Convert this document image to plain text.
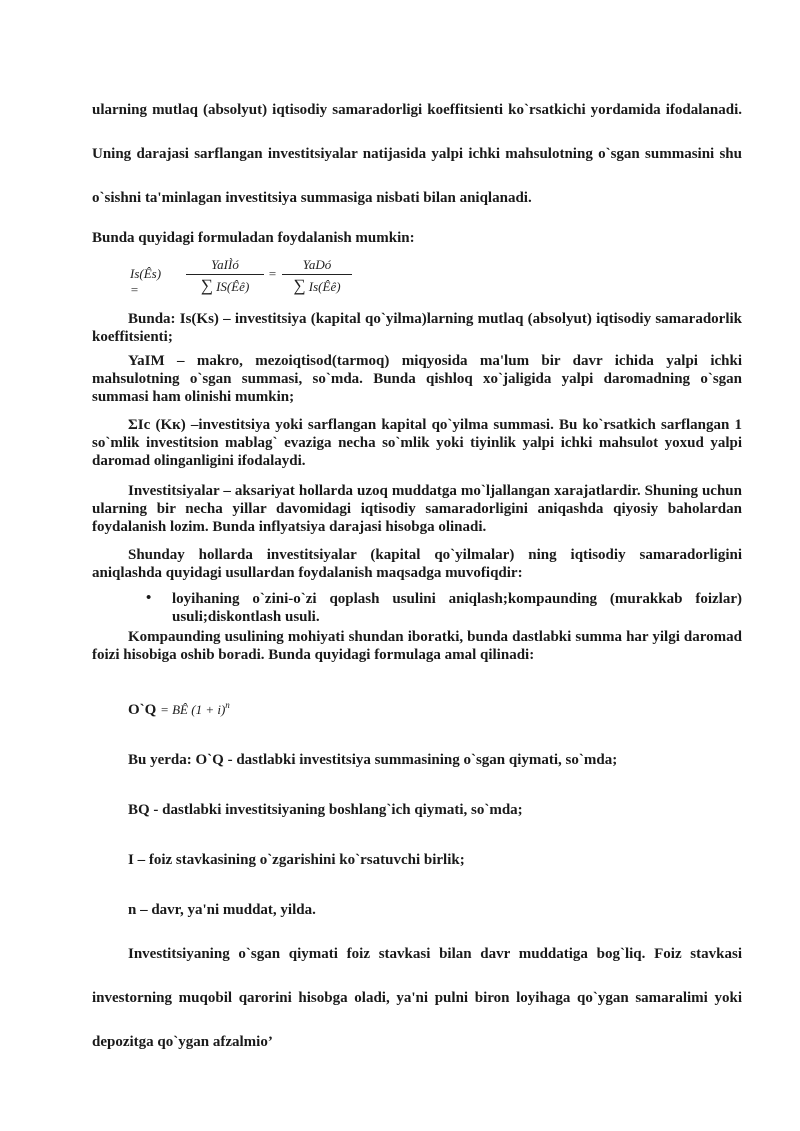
ularning mutlaq (absolyut) iqtisodiy samaradorligi koeffitsienti ko`rsatkichi yordamida ifodalanadi. Uning darajasi sarflangan investitsiyalar natijasida yalpi ichki mahsulotning o`sgan summasini shu o`sishni ta'minlagan investitsiya summasiga nisbati bilan aniqlanadi.

Bunda quyidagi formuladan foydalanish mumkin:

Is(Ês) =
YaIÌó
∑ IS(Êê)
=
YaDó
∑ Is(Êê)

Bunda: Is(Ks) – investitsiya (kapital qo`yilma)larning mutlaq (absolyut) iqtisodiy samaradorlik koeffitsienti;

YaIM – makro, mezoiqtisod(tarmoq) miqyosida ma'lum bir davr ichida yalpi ichki mahsulotning o`sgan summasi, so`mda. Bunda qishloq xo`jaligida yalpi daromadning o`sgan summasi ham olinishi mumkin;

ΣIc (Kк) –investitsiya yoki sarflangan kapital qo`yilma summasi. Bu ko`rsatkich sarflangan 1 so`mlik investitsion mablag` evaziga necha so`mlik yoki tiyinlik yalpi ichki mahsulot yoxud yalpi daromad olinganligini ifodalaydi.

Investitsiyalar – aksariyat hollarda uzoq muddatga mo`ljallangan xarajatlardir. Shuning uchun ularning bir necha yillar davomidagi iqtisodiy samaradorligini aniqashda qiyosiy baholardan foydalanish lozim. Bunda inflyatsiya darajasi hisobga olinadi.

Shunday hollarda investitsiyalar (kapital qo`yilmalar) ning iqtisodiy samaradorligini aniqlashda quyidagi usullardan foydalanish maqsadga muvofiqdir:

• loyihaning o`zini-o`zi qoplash usulini aniqlash;kompaunding (murakkab foizlar) usuli;diskontlash usuli.

Kompaunding usulining mohiyati shundan iboratki, bunda dastlabki summa har yilgi daromad foizi hisobiga oshib boradi. Bunda quyidagi formulaga amal qilinadi:

O`Q = BÊ $(1 + i)^n$

Bu yerda: O`Q - dastlabki investitsiya summasining o`sgan qiymati, so`mda;

BQ - dastlabki investitsiyaning boshlang`ich qiymati, so`mda;

I – foiz stavkasining o`zgarishini ko`rsatuvchi birlik;

n – davr, ya'ni muddat, yilda.

Investitsiyaning o`sgan qiymati foiz stavkasi bilan davr muddatiga bog`liq. Foiz stavkasi investorning muqobil qarorini hisobga oladi, ya'ni pulni biron loyihaga qo`ygan samaralimi yoki depozitga qo`ygan afzalmio’
